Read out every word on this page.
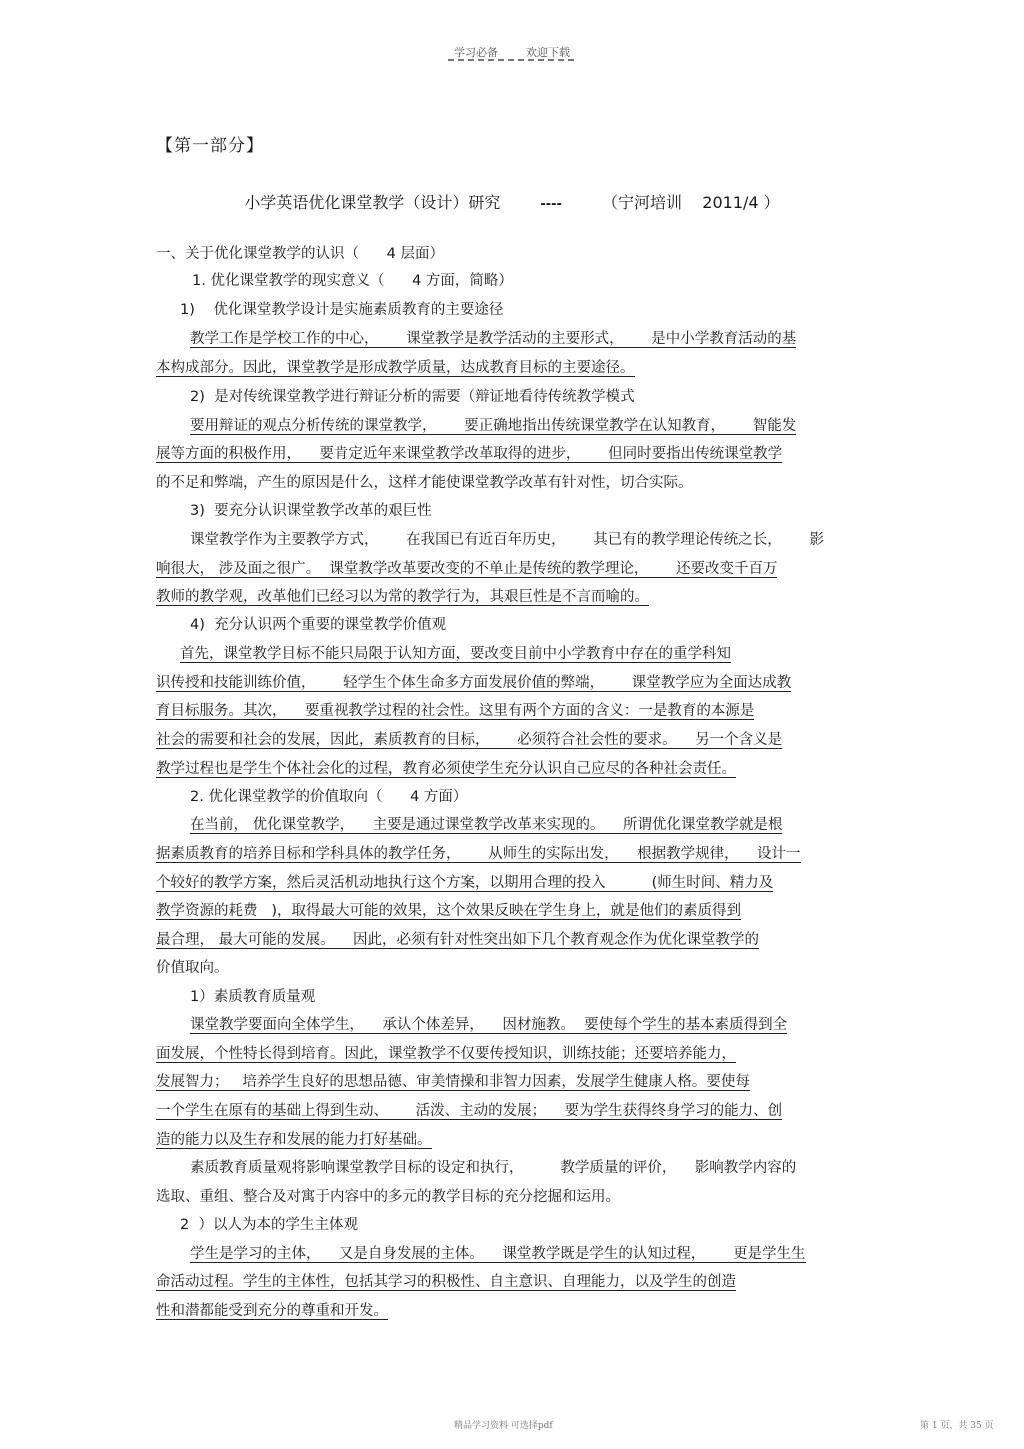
学习必备	欢迎下载
【第一部分】
小学英语优化课堂教学（设计）研究	----	（宁河培训    2011/4 ）
一、关于优化课堂教学的认识（      4 层面）
1. 优化课堂教学的现实意义（      4 方面，简略）
1)    优化课堂教学设计是实施素质教育的主要途径
教学工作是学校工作的中心，      课堂教学是教学活动的主要形式，      是中小学教育活动的基
本构成部分。因此，课堂教学是形成教学质量，达成教育目标的主要途径。
2)  是对传统课堂教学进行辩证分析的需要（辩证地看待传统教学模式
要用辩证的观点分析传统的课堂教学，      要正确地指出传统课堂教学在认知教育，      智能发
展等方面的积极作用，    要肯定近年来课堂教学改革取得的进步，      但同时要指出传统课堂教学
的不足和弊端，产生的原因是什么，这样才能使课堂教学改革有针对性，切合实际。
3)  要充分认识课堂教学改革的艰巨性
课堂教学作为主要教学方式，      在我国已有近百年历史，      其已有的教学理论传统之长，      影
响很大， 涉及面之很广。  课堂教学改革要改变的不单止是传统的教学理论，      还要改变千百万
教师的教学观，改革他们已经习以为常的教学行为，其艰巨性是不言而喻的。
4)  充分认识两个重要的课堂教学价值观
首先，课堂教学目标不能只局限于认知方面，要改变目前中小学教育中存在的重学科知
识传授和技能训练价值，      轻学生个体生命多方面发展价值的弊端，      课堂教学应为全面达成教
育目标服务。其次，    要重视教学过程的社会性。这里有两个方面的含义：一是教育的本源是
社会的需要和社会的发展，因此，素质教育的目标，      必须符合社会性的要求。    另一个含义是
教学过程也是学生个体社会化的过程，教育必须使学生充分认识自己应尽的各种社会责任。
2. 优化课堂教学的价值取向（      4 方面）
在当前， 优化课堂教学，    主要是通过课堂教学改革来实现的。    所谓优化课堂教学就是根
据素质教育的培养目标和学科具体的教学任务，      从师生的实际出发，    根据教学规律，    设计一
个较好的教学方案，然后灵活机动地执行这个方案，以期用合理的投入          (师生时间、精力及
教学资源的耗费   )，取得最大可能的效果，这个效果反映在学生身上，就是他们的素质得到
最合理， 最大可能的发展。    因此，必须有针对性突出如下几个教育观念作为优化课堂教学的
价值取向。
1）素质教育质量观
课堂教学要面向全体学生，    承认个体差异，    因材施教。  要使每个学生的基本素质得到全
面发展，个性特长得到培育。因此，课堂教学不仅要传授知识，训练技能；还要培养能力，
发展智力；   培养学生良好的思想品德、审美情操和非智力因素，发展学生健康人格。要使每
一个学生在原有的基础上得到生动、      活泼、主动的发展；    要为学生获得终身学习的能力、创
造的能力以及生存和发展的能力打好基础。
素质教育质量观将影响课堂教学目标的设定和执行，        教学质量的评价，    影响教学内容的
选取、重组、整合及对寓于内容中的多元的教学目标的充分挖掘和运用。
2  ）以人为本的学生主体观
学生是学习的主体，    又是自身发展的主体。    课堂教学既是学生的认知过程，      更是学生生
命活动过程。学生的主体性，包括其学习的积极性、自主意识、自理能力，以及学生的创造
性和潜都能受到充分的尊重和开发。
精品学习资料 可选择pdf	第 1 页，共 35 页
